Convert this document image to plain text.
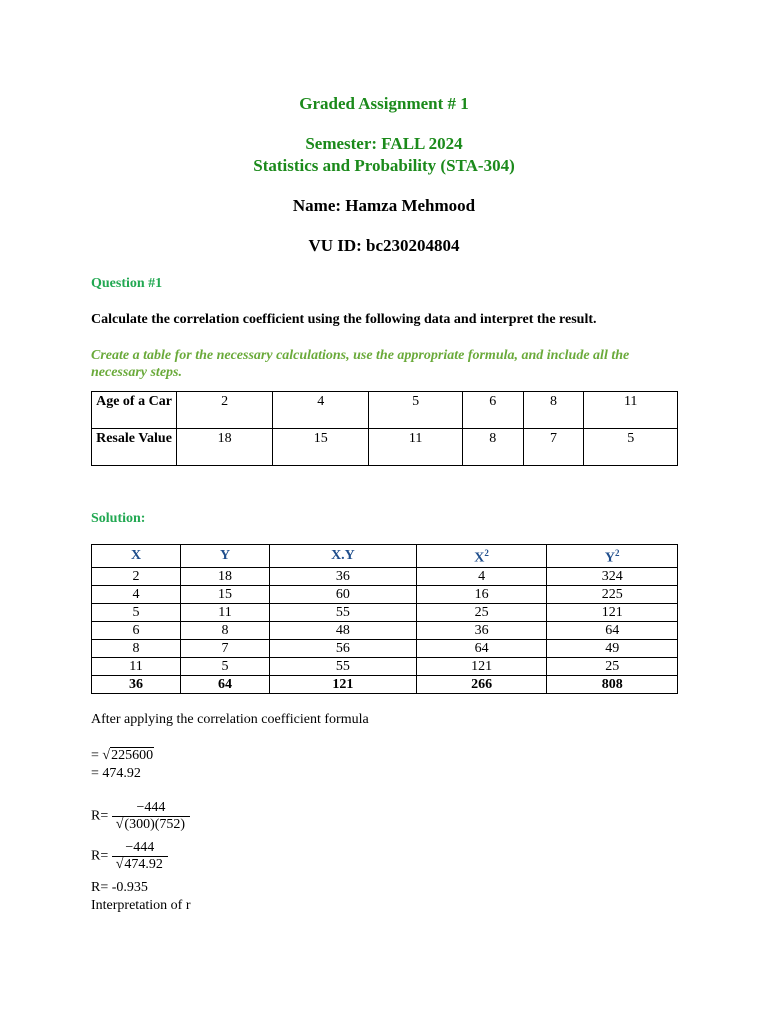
Graded Assignment # 1
Semester: FALL 2024
Statistics and Probability (STA-304)
Name: Hamza Mehmood
VU ID: bc230204804
Question #1
Calculate the correlation coefficient using the following data and interpret the result.
Create a table for the necessary calculations, use the appropriate formula, and include all the necessary steps.
Age of a Car	2	4	5	6	8	11
Resale Value	18	15	11	8	7	5
Solution:
X	Y	X.Y	$X^2$	$Y^2$
2	18	36	4	324
4	15	60	16	225
5	11	55	25	121
6	8	48	36	64
8	7	56	64	49
11	5	55	121	25
36	64	121	266	808
After applying the correlation coefficient formula
= √225600
= 474.92
$R= \frac{-444}{√(300)(752)}$
$R= \frac{-444}{√474.92}$
R= -0.935
Interpretation of r
